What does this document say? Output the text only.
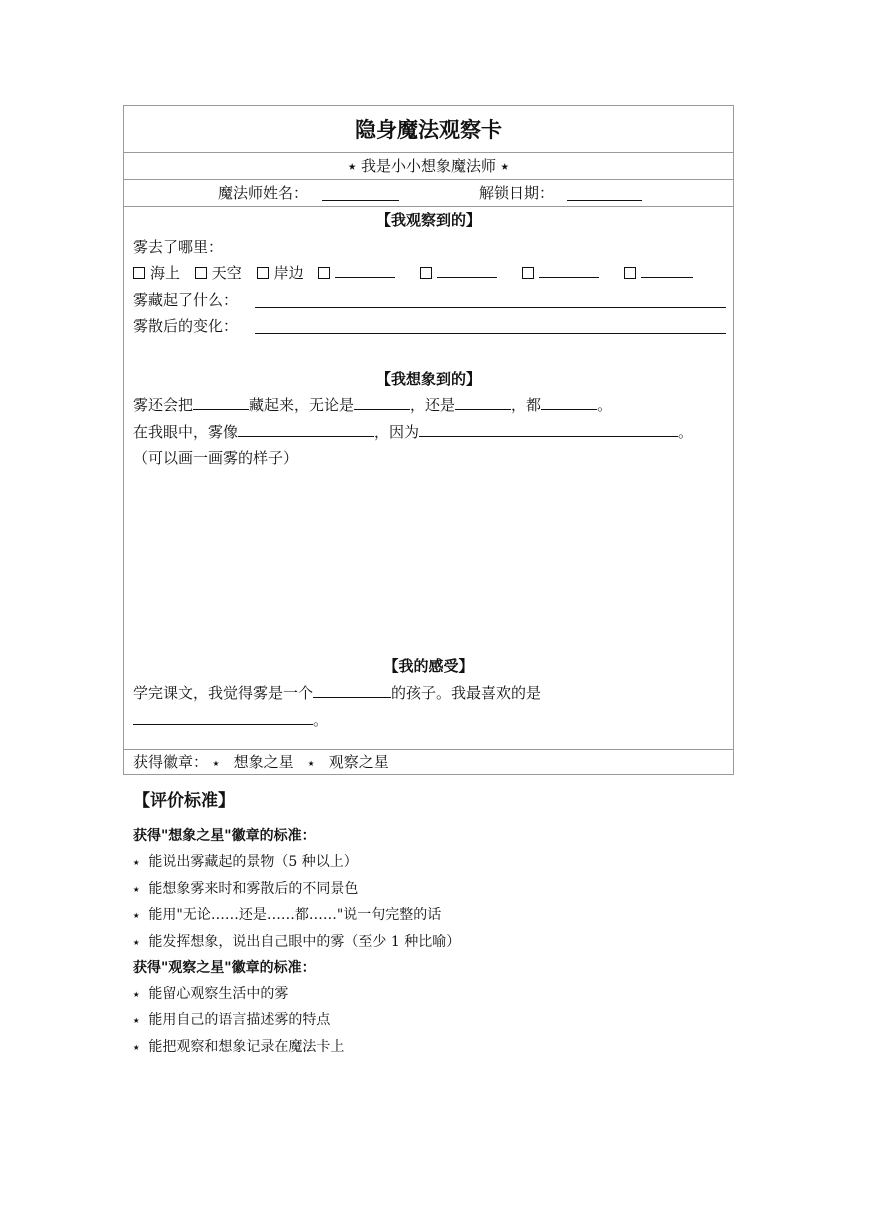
隐身魔法观察卡
⭑ 我是小小想象魔法师 ⭑
魔法师姓名：	解锁日期：
【我观察到的】
雾去了哪里：
海上 天空 岸边
雾藏起了什么：
雾散后的变化：
【我想象到的】
雾还会把	藏起来，无论是	，还是	，都	。
在我眼中，雾像	，因为	。
（可以画一画雾的样子）
【我的感受】
学完课文，我觉得雾是一个	的孩子。我最喜欢的是
。
获得徽章： ⭑ 想象之星 ⭑ 观察之星
【评价标准】
获得"想象之星"徽章的标准：
⭑ 能说出雾藏起的景物（5 种以上）
⭑ 能想象雾来时和雾散后的不同景色
⭑ 能用"无论……还是……都……"说一句完整的话
⭑ 能发挥想象，说出自己眼中的雾（至少 1 种比喻）
获得"观察之星"徽章的标准：
⭑ 能留心观察生活中的雾
⭑ 能用自己的语言描述雾的特点
⭑ 能把观察和想象记录在魔法卡上
